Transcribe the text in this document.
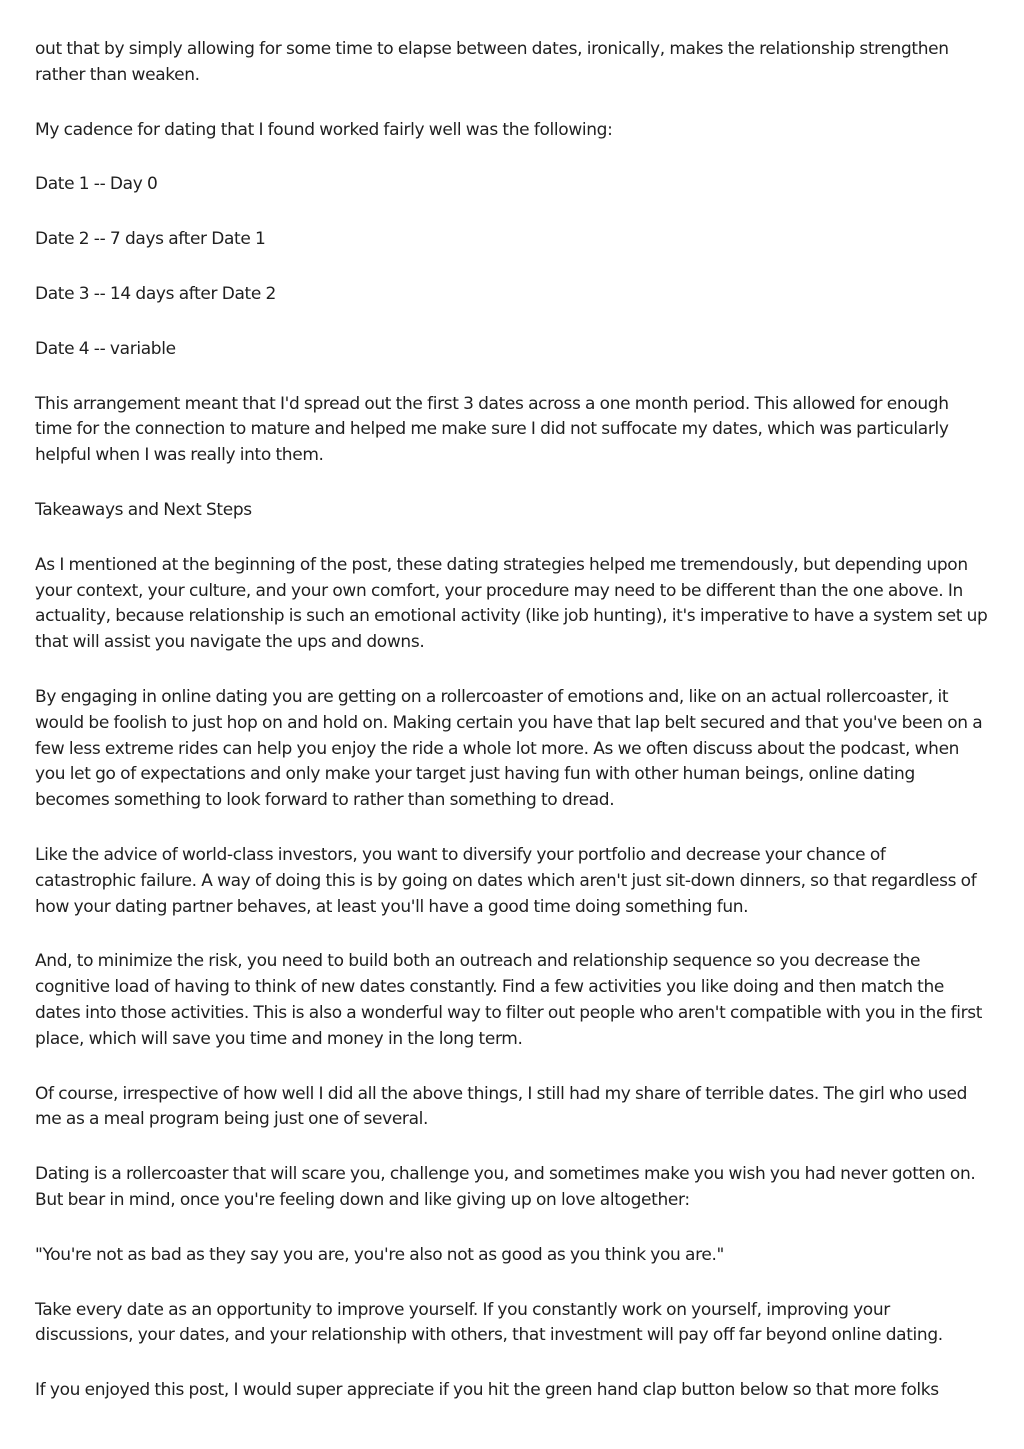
out that by simply allowing for some time to elapse between dates, ironically, makes the relationship strengthen rather than weaken.

My cadence for dating that I found worked fairly well was the following:

Date 1 -- Day 0

Date 2 -- 7 days after Date 1

Date 3 -- 14 days after Date 2

Date 4 -- variable

This arrangement meant that I'd spread out the first 3 dates across a one month period. This allowed for enough time for the connection to mature and helped me make sure I did not suffocate my dates, which was particularly helpful when I was really into them.

Takeaways and Next Steps

As I mentioned at the beginning of the post, these dating strategies helped me tremendously, but depending upon your context, your culture, and your own comfort, your procedure may need to be different than the one above. In actuality, because relationship is such an emotional activity (like job hunting), it's imperative to have a system set up that will assist you navigate the ups and downs.

By engaging in online dating you are getting on a rollercoaster of emotions and, like on an actual rollercoaster, it would be foolish to just hop on and hold on. Making certain you have that lap belt secured and that you've been on a few less extreme rides can help you enjoy the ride a whole lot more. As we often discuss about the podcast, when you let go of expectations and only make your target just having fun with other human beings, online dating becomes something to look forward to rather than something to dread.

Like the advice of world-class investors, you want to diversify your portfolio and decrease your chance of catastrophic failure. A way of doing this is by going on dates which aren't just sit-down dinners, so that regardless of how your dating partner behaves, at least you'll have a good time doing something fun.

And, to minimize the risk, you need to build both an outreach and relationship sequence so you decrease the cognitive load of having to think of new dates constantly. Find a few activities you like doing and then match the dates into those activities. This is also a wonderful way to filter out people who aren't compatible with you in the first place, which will save you time and money in the long term.

Of course, irrespective of how well I did all the above things, I still had my share of terrible dates. The girl who used me as a meal program being just one of several.

Dating is a rollercoaster that will scare you, challenge you, and sometimes make you wish you had never gotten on. But bear in mind, once you're feeling down and like giving up on love altogether:

"You're not as bad as they say you are, you're also not as good as you think you are."

Take every date as an opportunity to improve yourself. If you constantly work on yourself, improving your discussions, your dates, and your relationship with others, that investment will pay off far beyond online dating.

If you enjoyed this post, I would super appreciate if you hit the green hand clap button below so that more folks
